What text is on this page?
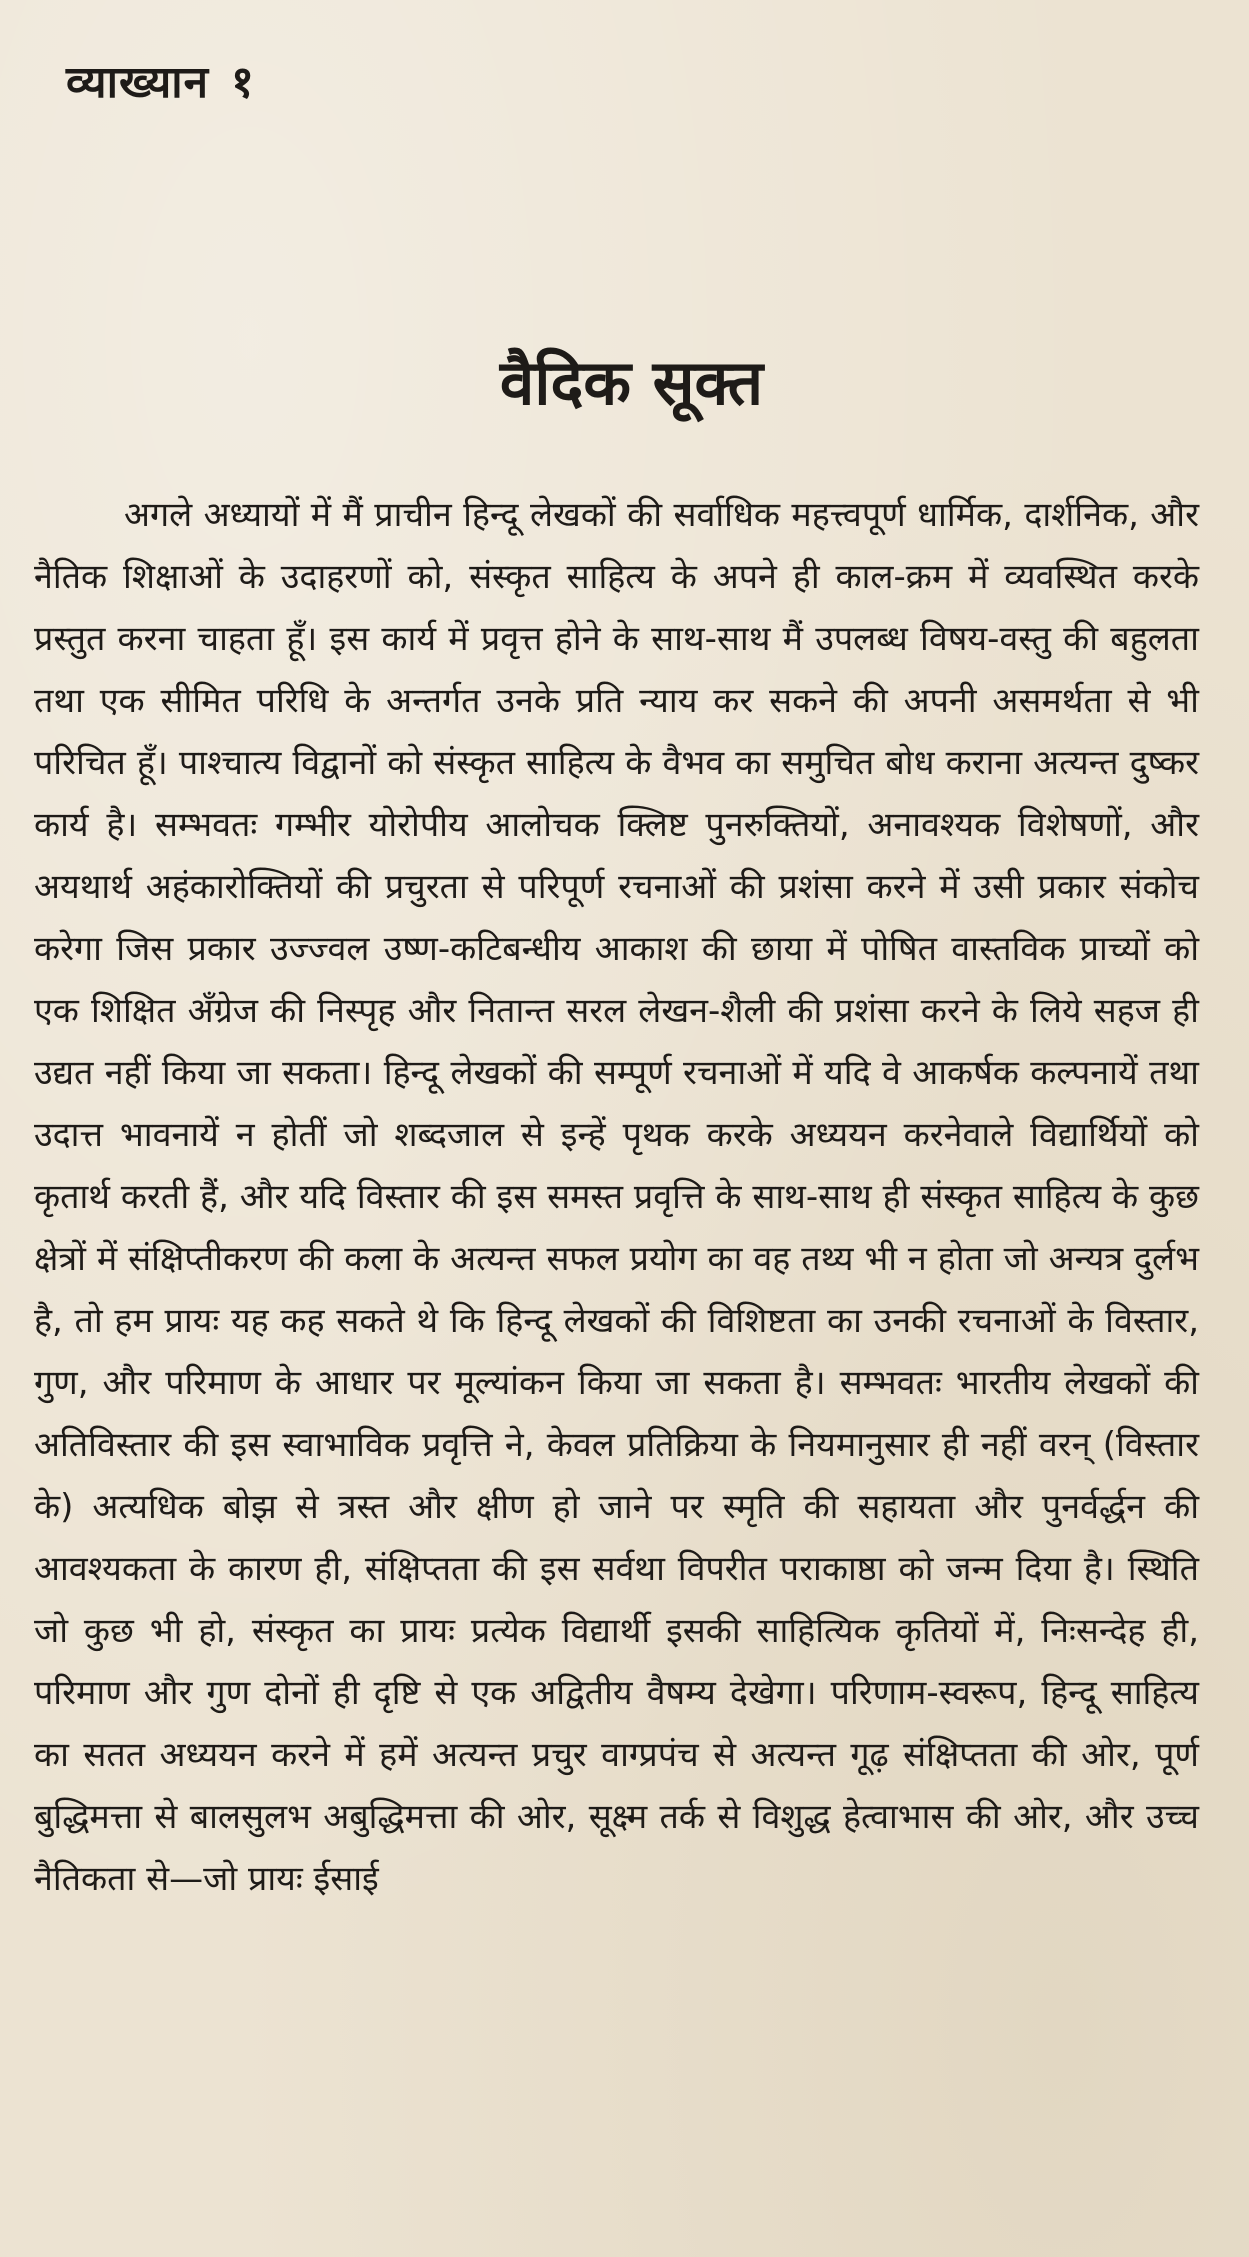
व्याख्यान १
वैदिक सूक्त

अगले अध्यायों में मैं प्राचीन हिन्दू लेखकों की सर्वाधिक महत्त्वपूर्ण धार्मिक, दार्शनिक, और नैतिक शिक्षाओं के उदाहरणों को, संस्कृत साहित्य के अपने ही काल-क्रम में व्यवस्थित करके प्रस्तुत करना चाहता हूँ। इस कार्य में प्रवृत्त होने के साथ-साथ मैं उपलब्ध विषय-वस्तु की बहुलता तथा एक सीमित परिधि के अन्तर्गत उनके प्रति न्याय कर सकने की अपनी असमर्थता से भी परिचित हूँ। पाश्चात्य विद्वानों को संस्कृत साहित्य के वैभव का समुचित बोध कराना अत्यन्त दुष्कर कार्य है। सम्भवतः गम्भीर योरोपीय आलोचक क्लिष्ट पुनरुक्तियों, अनावश्यक विशेषणों, और अयथार्थ अहंकारोक्तियों की प्रचुरता से परिपूर्ण रचनाओं की प्रशंसा करने में उसी प्रकार संकोच करेगा जिस प्रकार उज्ज्वल उष्ण-कटिबन्धीय आकाश की छाया में पोषित वास्तविक प्राच्यों को एक शिक्षित अँग्रेज की निस्पृह और नितान्त सरल लेखन-शैली की प्रशंसा करने के लिये सहज ही उद्यत नहीं किया जा सकता। हिन्दू लेखकों की सम्पूर्ण रचनाओं में यदि वे आकर्षक कल्पनायें तथा उदात्त भावनायें न होतीं जो शब्दजाल से इन्हें पृथक करके अध्ययन करनेवाले विद्यार्थियों को कृतार्थ करती हैं, और यदि विस्तार की इस समस्त प्रवृत्ति के साथ-साथ ही संस्कृत साहित्य के कुछ क्षेत्रों में संक्षिप्तीकरण की कला के अत्यन्त सफल प्रयोग का वह तथ्य भी न होता जो अन्यत्र दुर्लभ है, तो हम प्रायः यह कह सकते थे कि हिन्दू लेखकों की विशिष्टता का उनकी रचनाओं के विस्तार, गुण, और परिमाण के आधार पर मूल्यांकन किया जा सकता है। सम्भवतः भारतीय लेखकों की अतिविस्तार की इस स्वाभाविक प्रवृत्ति ने, केवल प्रतिक्रिया के नियमानुसार ही नहीं वरन् (विस्तार के) अत्यधिक बोझ से त्रस्त और क्षीण हो जाने पर स्मृति की सहायता और पुनर्वर्द्धन की आवश्यकता के कारण ही, संक्षिप्तता की इस सर्वथा विपरीत पराकाष्ठा को जन्म दिया है। स्थिति जो कुछ भी हो, संस्कृत का प्रायः प्रत्येक विद्यार्थी इसकी साहित्यिक कृतियों में, निःसन्देह ही, परिमाण और गुण दोनों ही दृष्टि से एक अद्वितीय वैषम्य देखेगा। परिणाम-स्वरूप, हिन्दू साहित्य का सतत अध्ययन करने में हमें अत्यन्त प्रचुर वाग्प्रपंच से अत्यन्त गूढ़ संक्षिप्तता की ओर, पूर्ण बुद्धिमत्ता से बालसुलभ अबुद्धिमत्ता की ओर, सूक्ष्म तर्क से विशुद्ध हेत्वाभास की ओर, और उच्च नैतिकता से—जो प्रायः ईसाई
